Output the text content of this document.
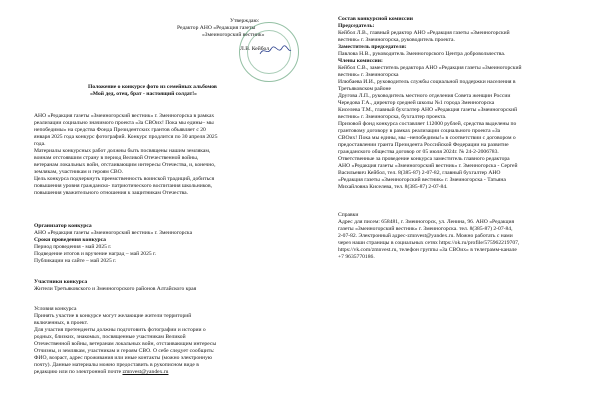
Утверждаю:
Редактор АНО «Редакция газеты
«Змеиногорский вестник»
Л.В. Кейбол
Положение о конкурсе фото из семейных альбомов
«Мой дед, отец, брат - настоящий солдат!»
АНО «Редакция газеты «Змеиногорский вестник» г. Змеиногорска в рамках
реализации социально значимого проекта «За СВОих! Пока мы едины– мы
непобедимы» на средства Фонда Президентских грантов объявляет с 20
января 2025 года конкурс фотографий. Конкурс продлится по 30 апреля 2025
года.
Материалы конкурсных работ должны быть посвящены нашим землякам,
воинам отстоявшим страну в период Великой Отечественной войны,
ветеранам локальных войн, отстаивающим интересы Отечества, и, конечно,
землякам, участникам и героям СВО.
Цель конкурса подчеркнуть преемственность воинской традиций, добиться
повышения уровня гражданско- патриотического воспитания школьников,
повышения уважительного отношения к защитникам Отечества.
Организатор конкурса
АНО «Редакция газеты «Змеиногорский вестник» г. Змеиногорска
Сроки проведения конкурса
Период проведения - май 2025 г.
Подведение итогов и вручение наград – май 2025 г.
Публикации на сайте – май 2025 г.
Участники конкурса
Жители Третьяковского и Змеиногорского районов Алтайского края
Условия конкурса
Принять участие в конкурсе могут желающие жители территорий
включенных, в проект.
Для участия претенденты должны подготовить фотографии и истории о
родных, близких, знакомых, посвященные участникам Великой
Отечественной войны, ветеранам локальных войн, отстаивающим интересы
Отчизны, и землякам, участникам и героям СВО. О себе следует сообщить:
ФИО, возраст, адрес проживания или иные контакты (можно электронную
почту). Данные материалы можно предоставить в рукописном виде в
редакцию или по электронной почте zmnvest@yandex.ru
Состав конкурсной комиссии
Председатель:
Кейбол Л.В., главный редактор АНО «Редакция газеты «Змеиногорский
вестник» г. Змеиногорска, руководитель проекта.
Заместитель председателя:
Павлова Н.В., руководитель Змеиногорского Центра добровольчества.
Члены комиссии:
Кейбол С.В., заместитель редактора АНО «Редакция газеты «Змеиногорский
вестник» г. Змеиногорска
Илюбаева И.И., руководитель службы социальной поддержки населения в
Третьяковском районе
Другова Л.П., руководитель местного отделения Совета женщин России
Чередова Г.А., директор средней школы №1 города Змеиногорска
Киселева Т.М., главный бухгалтер АНО «Редакция газеты «Змеиногорский
вестник» г. Змеиногорска, бухгалтер проекта.
Призовой фонд конкурса составляет 112000 рублей, средства выделены по
грантовому договору в рамках реализации социального проекта «За
СВОих! Пока мы едины, мы –непобедимы!» в соответствии с договором о
предоставлении гранта Президента Российской Федерации на развитие
гражданского общества договор от 05 июля 2024г. № 24-2-2006783.
Ответственные за проведение конкурса заместитель главного редактора
АНО «Редакция газеты «Змеиногорский вестник» г. Змеиногорска - Сергей
Васильевич Кейбол, тел. 8(385-87) 2-07-82, главный бухгалтер АНО
«Редакция газеты «Змеиногорский вестник» г. Змеиногорска - Татьяна
Михайловна Киселева, тел. 8(385-87) 2-07-84.
Справки
Адрес для писем: 658481, г. Змеиногорск, ул. Ленина, 96. АНО «Редакция
газеты «Змеиногорский вестник» г. Змеиногорска. тел. 8(385-87) 2-07-84,
2-07-82. Электронный адрес-zmnvest@yandex.ru. Можно работать с нами
через наши страницы в социальных сетях https://ok.ru/profile/575962219707,
https://vk.com/zmnvest.ru, телефон группы «За СВОих» в телеграмм-канале
+7 9635770186.
